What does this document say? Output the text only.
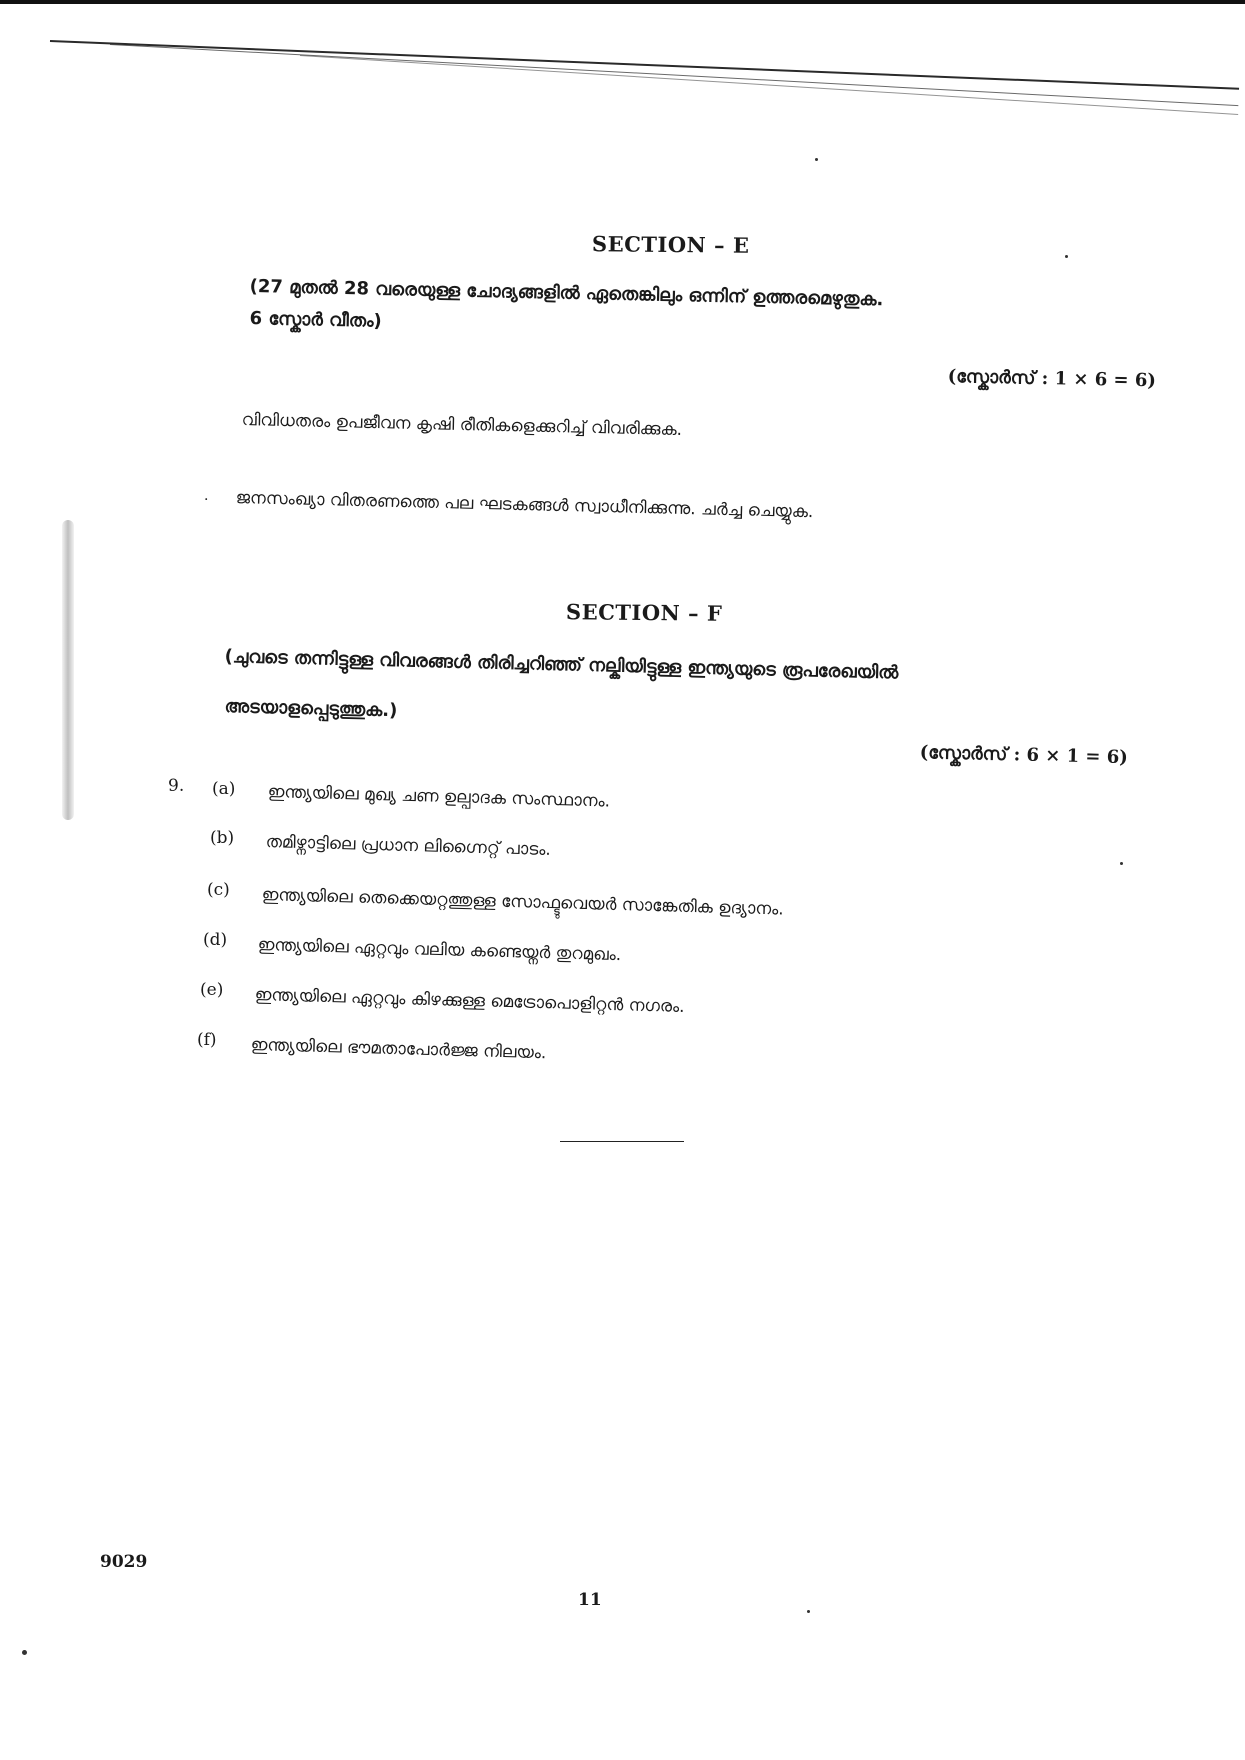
SECTION – E
(27 മുതൽ 28 വരെയുള്ള ചോദ്യങ്ങളിൽ ഏതെങ്കിലും ഒന്നിന് ഉത്തരമെഴുതുക.
6 സ്കോർ വീതം)
(സ്കോർസ് : 1 × 6 = 6)
വിവിധതരം ഉപജീവന കൃഷി രീതികളെക്കുറിച്ച് വിവരിക്കുക.
· ജനസംഖ്യാ വിതരണത്തെ പല ഘടകങ്ങൾ സ്വാധീനിക്കുന്നു. ചർച്ച ചെയ്യുക.
SECTION – F
(ചുവടെ തന്നിട്ടുള്ള വിവരങ്ങൾ തിരിച്ചറിഞ്ഞ് നല്കിയിട്ടുള്ള ഇന്ത്യയുടെ രൂപരേഖയിൽ
അടയാളപ്പെടുത്തുക.)
(സ്കോർസ് : 6 × 1 = 6)
9. (a) ഇന്ത്യയിലെ മുഖ്യ ചണ ഉല്പാദക സംസ്ഥാനം.
(b) തമിഴ്നാട്ടിലെ പ്രധാന ലിഗ്നൈറ്റ് പാടം.
(c) ഇന്ത്യയിലെ തെക്കെയറ്റത്തുള്ള സോഫ്ടുവെയർ സാങ്കേതിക ഉദ്യാനം.
(d) ഇന്ത്യയിലെ ഏറ്റവും വലിയ കണ്ടെയ്നർ തുറമുഖം.
(e) ഇന്ത്യയിലെ ഏറ്റവും കിഴക്കുള്ള മെട്രോപൊളിറ്റൻ നഗരം.
(f) ഇന്ത്യയിലെ ഭൗമതാപോർജ്ജ നിലയം.
9029
11
